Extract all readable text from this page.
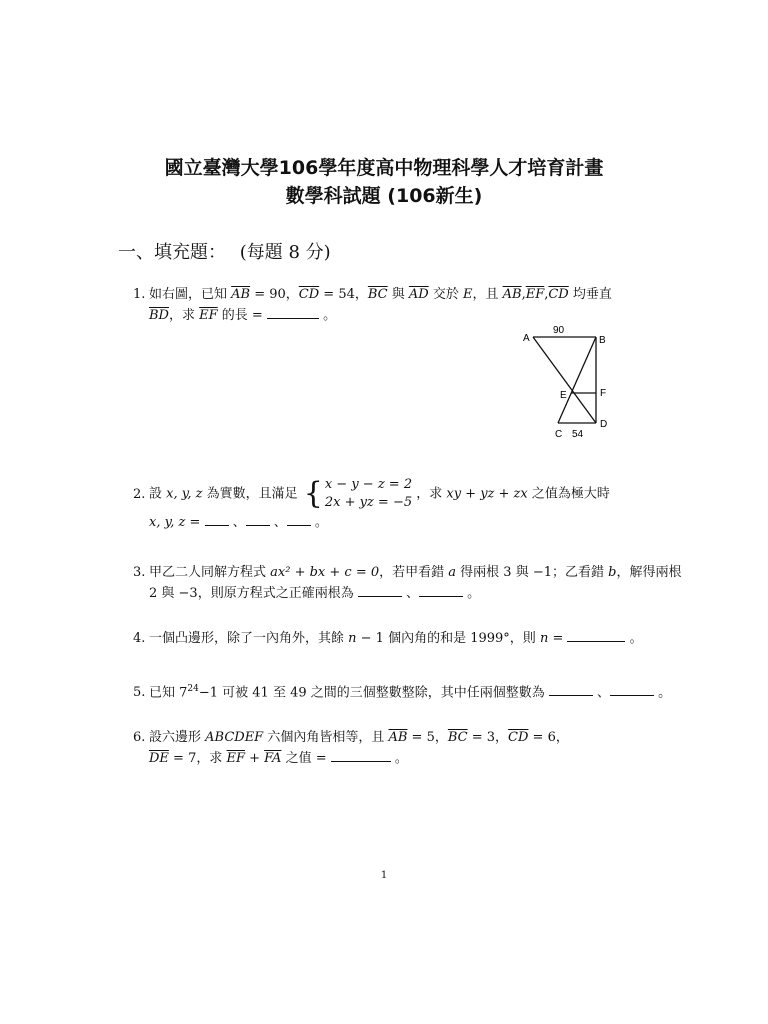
國立臺灣大學106學年度高中物理科學人才培育計畫
數學科試題 (106新生)
一、填充題： (每題 8 分)
1. 如右圖，已知 $\overline{AB} = 90$，$\overline{CD} = 54$，$\overline{BC}$ 與 $\overline{AD}$ 交於 E，且 $\overline{AB},\overline{EF},\overline{CD}$ 均垂直
$\overline{BD}$，求 $\overline{EF}$ 的長 =	。
90
A	B
E	F
C 54
D
2. 設 x, y, z 為實數，且滿足 { x − y − z = 2
2x + yz = −5
，求 xy + yz + zx 之值為極大時
x, y, z =  、 、 。
3. 甲乙二人同解方程式 ax² + bx + c = 0，若甲看錯 a 得兩根 3 與 −1；乙看錯 b，解得兩根
2 與 −3，則原方程式之正確兩根為	、	。
4. 一個凸邊形，除了一內角外，其餘 n − 1 個內角的和是 1999°，則 n =	。
5. 已知 $7^{24}-1$ 可被 41 至 49 之間的三個整數整除，其中任兩個整數為	、	。
6. 設六邊形 ABCDEF 六個內角皆相等，且 $\overline{AB} = 5$，$\overline{BC} = 3$，$\overline{CD} = 6$，
$\overline{DE} = 7$，求 $\overline{EF} + \overline{FA}$ 之值 =	。
1
